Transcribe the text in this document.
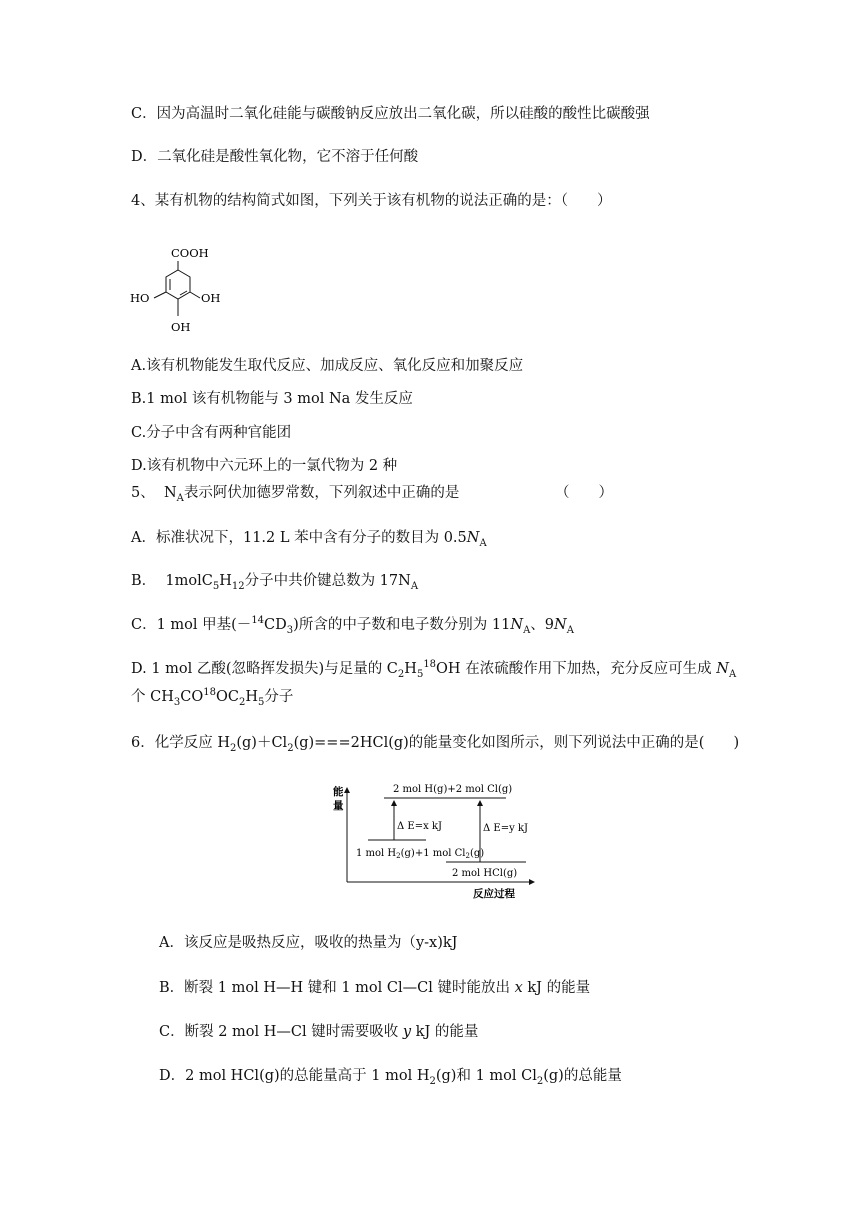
C．因为高温时二氧化硅能与碳酸钠反应放出二氧化碳，所以硅酸的酸性比碳酸强
D．二氧化硅是酸性氧化物，它不溶于任何酸
4、某有机物的结构简式如图，下列关于该有机物的说法正确的是：（　　）
COOH
HO	OH
OH
A.该有机物能发生取代反应、加成反应、氧化反应和加聚反应
B.1 mol 该有机物能与 3 mol Na 发生反应
C.分子中含有两种官能团
D.该有机物中六元环上的一氯代物为 2 种
5、 $N_A$表示阿伏加德罗常数，下列叙述中正确的是	（　　）
A．标准状况下，11.2 L 苯中含有分子的数目为 $0.5N_A$
B． $1molC_5H_{12}$分子中共价键总数为 $17N_A$
C．1 mol 甲基$(-^{14}CD_3)$所含的中子数和电子数分别为 $11N_A$、$9N_A$
D. 1 mol 乙酸(忽略挥发损失)与足量的 $C_2H_5^{18}OH$ 在浓硫酸作用下加热，充分反应可生成 $N_A$
个 $CH_3CO^{18}OC_2H_5$分子
6．化学反应 $H_2(g)+Cl_2(g)===2HCl(g)$的能量变化如图所示，则下列说法中正确的是(　　)
能
量
反应过程
2 mol H(g)+2 mol Cl(g)
1 mol $H_2(g)+1$ mol $Cl_2(g)$
2 mol HCl(g)
Δ E=x kJ	Δ E=y kJ
A．该反应是吸热反应，吸收的热量为（y-x)kJ
B．断裂 1 mol H—H 键和 1 mol Cl—Cl 键时能放出 x kJ 的能量
C．断裂 2 mol H—Cl 键时需要吸收 y kJ 的能量
D．2 mol HCl(g)的总能量高于 1 mol $H_2(g)$和 1 mol $Cl_2(g)$的总能量
